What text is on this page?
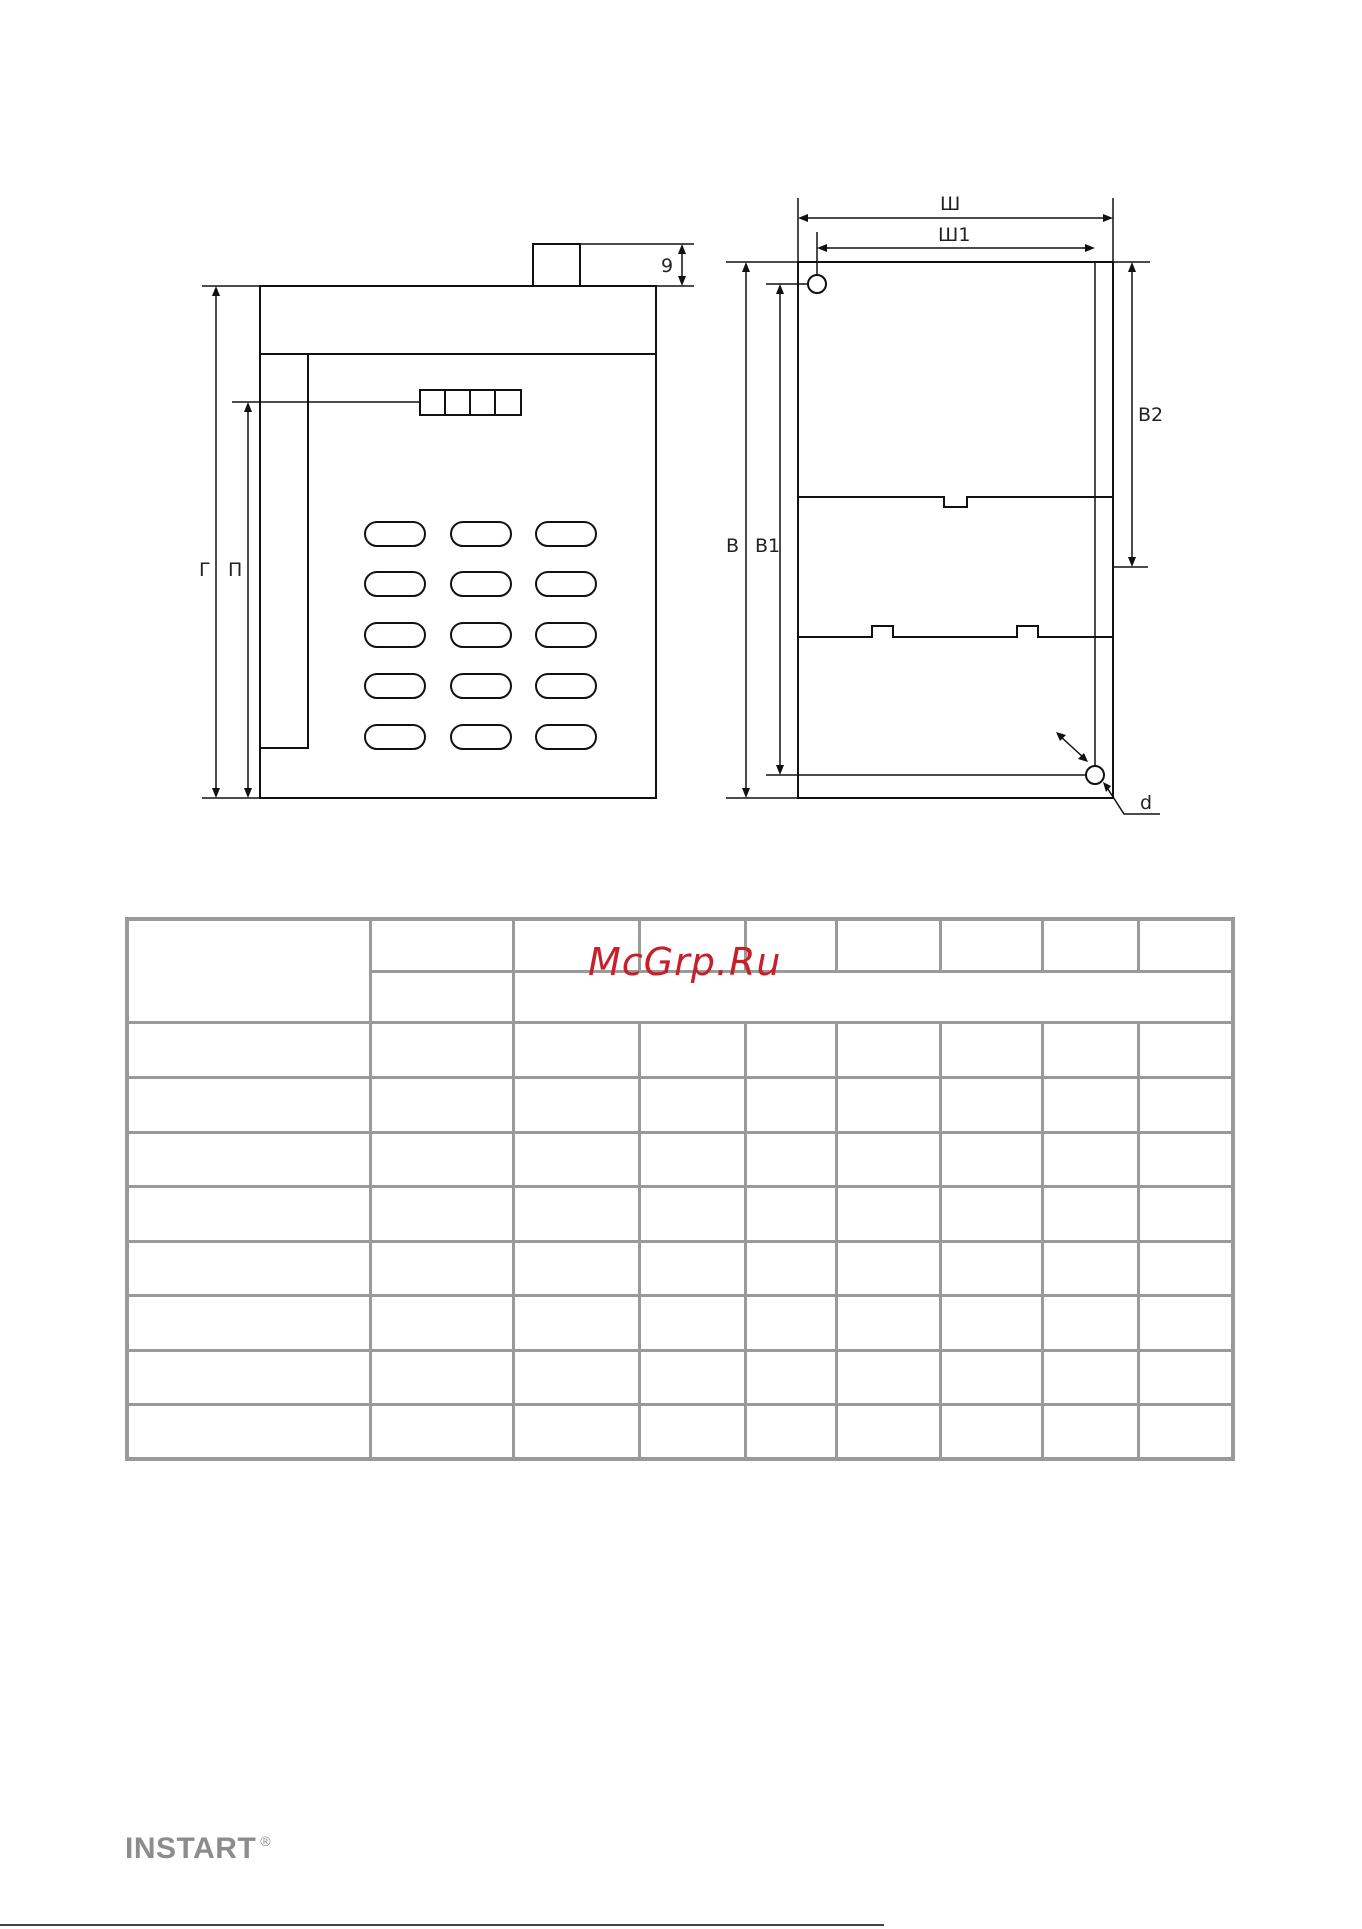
Г П
9
Ш
Ш1
В В1
В2
d

McGrp.Ru
INSTART ®
